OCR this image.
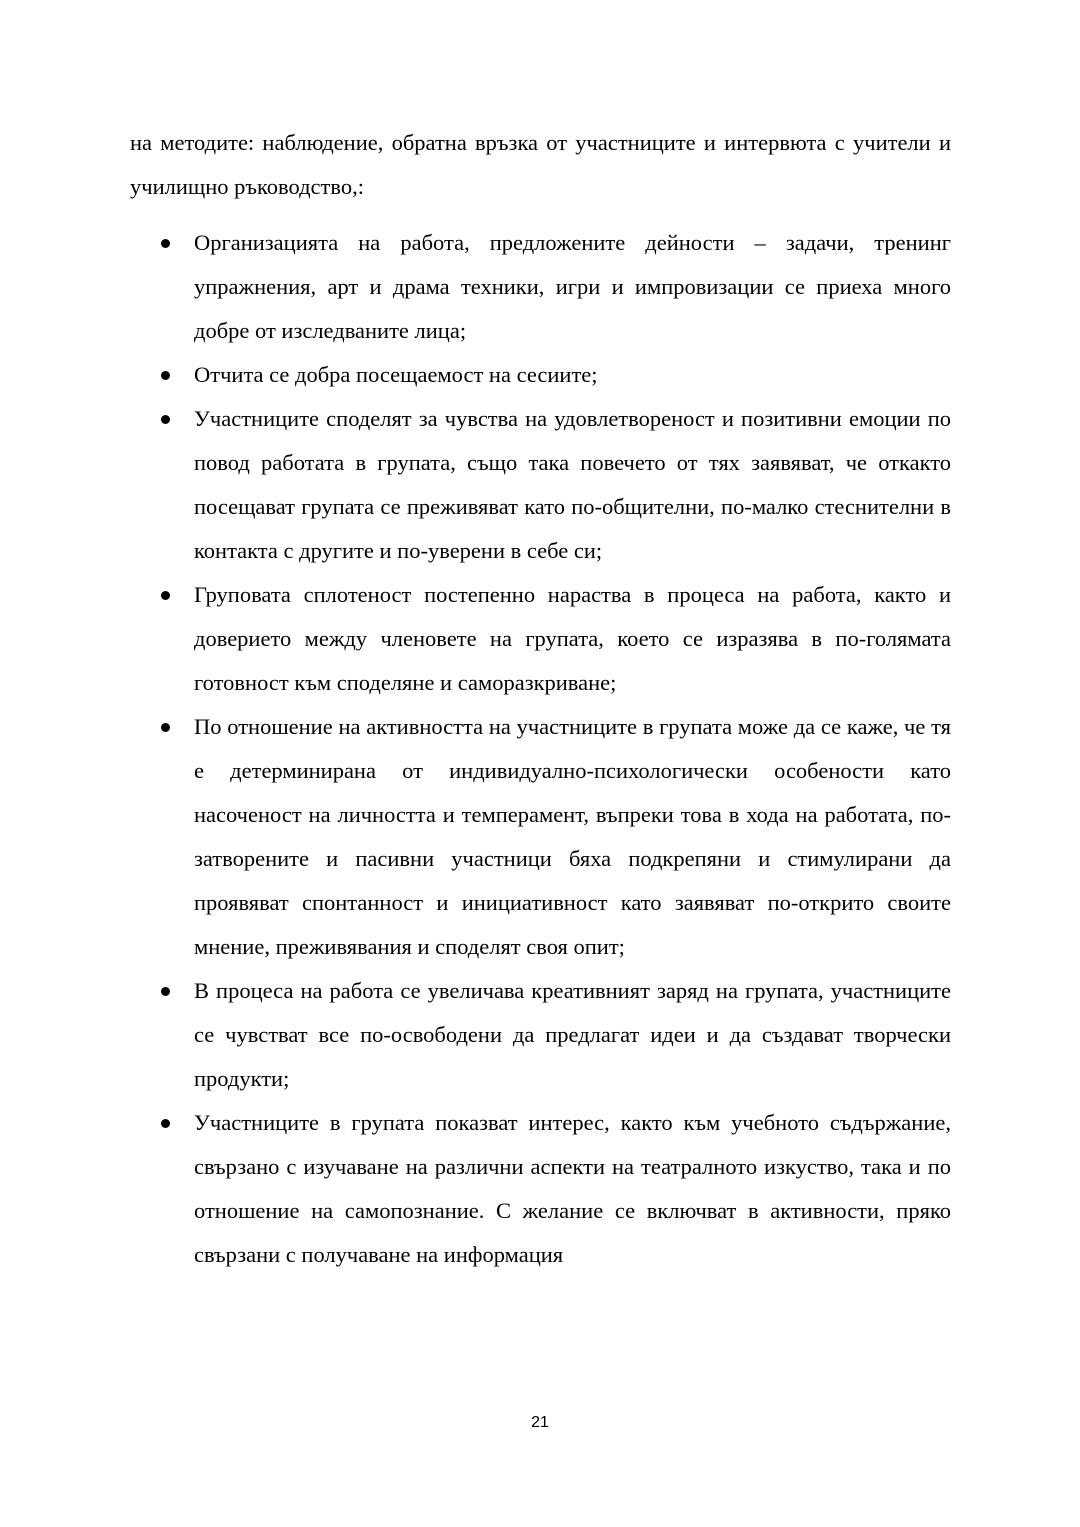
на методите: наблюдение, обратна връзка от участниците и интервюта с учители и училищно ръководство,:

Организацията на работа, предложените дейности – задачи, тренинг упражнения, арт и драма техники, игри и импровизации се приеха много добре от изследваните лица;
Отчита се добра посещаемост на сесиите;
Участниците споделят за чувства на удовлетвореност и позитивни емоции по повод работата в групата, също така повечето от тях заявяват, че откакто посещават групата се преживяват като по-общителни, по-малко стеснителни в контакта с другите и по-уверени в себе си;
Груповата сплотеност постепенно нараства в процеса на работа, както и доверието между членовете на групата, което се изразява в по-голямата готовност към споделяне и саморазкриване;
По отношение на активността на участниците в групата може да се каже, че тя е детерминирана от индивидуално-психологически особености като насоченост на личността и темперамент, въпреки това в хода на работата, по-затворените и пасивни участници бяха подкрепяни и стимулирани да проявяват спонтанност и инициативност като заявяват по-открито своите мнение, преживявания и споделят своя опит;
В процеса на работа се увеличава креативният заряд на групата, участниците се чувстват все по-освободени да предлагат идеи и да създават творчески продукти;
Участниците в групата показват интерес, както към учебното съдържание, свързано с изучаване на различни аспекти на театралното изкуство, така и по отношение на самопознание. С желание се включват в активности, пряко свързани с получаване на информация
21
